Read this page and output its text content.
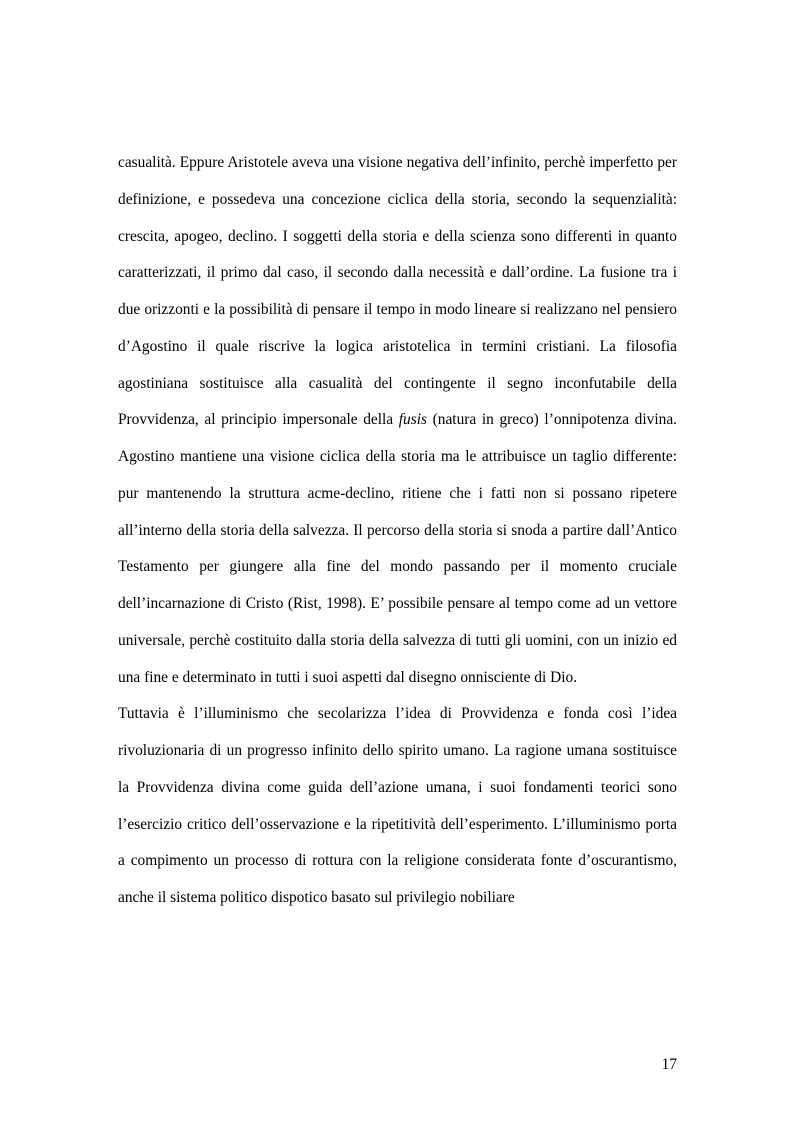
casualità. Eppure Aristotele aveva una visione negativa dell’infinito, perchè imperfetto per definizione, e possedeva una concezione ciclica della storia, secondo la sequenzialità: crescita, apogeo, declino. I soggetti della storia e della scienza sono differenti in quanto caratterizzati, il primo dal caso, il secondo dalla necessità e dall’ordine. La fusione tra i due orizzonti e la possibilità di pensare il tempo in modo lineare si realizzano nel pensiero d’Agostino il quale riscrive la logica aristotelica in termini cristiani. La filosofia agostiniana sostituisce alla casualità del contingente il segno inconfutabile della Provvidenza, al principio impersonale della fusis (natura in greco) l’onnipotenza divina. Agostino mantiene una visione ciclica della storia ma le attribuisce un taglio differente: pur mantenendo la struttura acme-declino, ritiene che i fatti non si possano ripetere all’interno della storia della salvezza. Il percorso della storia si snoda a partire dall’Antico Testamento per giungere alla fine del mondo passando per il momento cruciale dell’incarnazione di Cristo (Rist, 1998). E’ possibile pensare al tempo come ad un vettore universale, perchè costituito dalla storia della salvezza di tutti gli uomini, con un inizio ed una fine e determinato in tutti i suoi aspetti dal disegno onnisciente di Dio.

Tuttavia è l’illuminismo che secolarizza l’idea di Provvidenza e fonda così l’idea rivoluzionaria di un progresso infinito dello spirito umano. La ragione umana sostituisce la Provvidenza divina come guida dell’azione umana, i suoi fondamenti teorici sono l’esercizio critico dell’osservazione e la ripetitività dell’esperimento. L’illuminismo porta a compimento un processo di rottura con la religione considerata fonte d’oscurantismo, anche il sistema politico dispotico basato sul privilegio nobiliare

17
